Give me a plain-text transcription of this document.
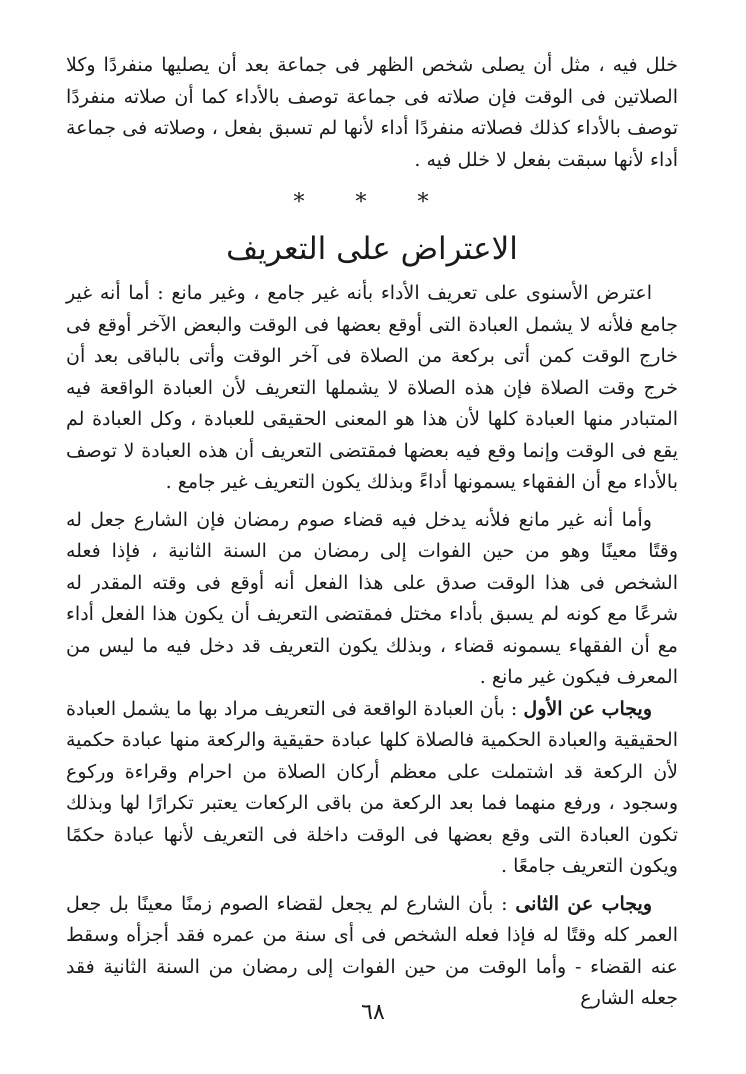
خلل فيه ، مثل أن يصلى شخص الظهر فى جماعة بعد أن يصليها منفردًا وكلا الصلاتين فى الوقت فإن صلاته فى جماعة توصف بالأداء كما أن صلاته منفردًا توصف بالأداء كذلك فصلاته منفردًا أداء لأنها لم تسبق بفعل ، وصلاته فى جماعة أداء لأنها سبقت بفعل لا خلل فيه .

* * *
الاعتراض على التعريف

اعترض الأسنوى على تعريف الأداء بأنه غير جامع ، وغير مانع : أما أنه غير جامع فلأنه لا يشمل العبادة التى أوقع بعضها فى الوقت والبعض الآخر أوقع فى خارج الوقت كمن أتى بركعة من الصلاة فى آخر الوقت وأتى بالباقى بعد أن خرج وقت الصلاة فإن هذه الصلاة لا يشملها التعريف لأن العبادة الواقعة فيه المتبادر منها العبادة كلها لأن هذا هو المعنى الحقيقى للعبادة ، وكل العبادة لم يقع فى الوقت وإنما وقع فيه بعضها فمقتضى التعريف أن هذه العبادة لا توصف بالأداء مع أن الفقهاء يسمونها أداءً وبذلك يكون التعريف غير جامع .

وأما أنه غير مانع فلأنه يدخل فيه قضاء صوم رمضان فإن الشارع جعل له وقتًا معينًا وهو من حين الفوات إلى رمضان من السنة الثانية ، فإذا فعله الشخص فى هذا الوقت صدق على هذا الفعل أنه أوقع فى وقته المقدر له شرعًا مع كونه لم يسبق بأداء مختل فمقتضى التعريف أن يكون هذا الفعل أداء مع أن الفقهاء يسمونه قضاء ، وبذلك يكون التعريف قد دخل فيه ما ليس من المعرف فيكون غير مانع .

ويجاب عن الأول : بأن العبادة الواقعة فى التعريف مراد بها ما يشمل العبادة الحقيقية والعبادة الحكمية فالصلاة كلها عبادة حقيقية والركعة منها عبادة حكمية لأن الركعة قد اشتملت على معظم أركان الصلاة من احرام وقراءة وركوع وسجود ، ورفع منهما فما بعد الركعة من باقى الركعات يعتبر تكرارًا لها وبذلك تكون العبادة التى وقع بعضها فى الوقت داخلة فى التعريف لأنها عبادة حكمًا ويكون التعريف جامعًا .

ويجاب عن الثانى : بأن الشارع لم يجعل لقضاء الصوم زمنًا معينًا بل جعل العمر كله وقتًا له فإذا فعله الشخص فى أى سنة من عمره فقد أجزأه وسقط عنه القضاء - وأما الوقت من حين الفوات إلى رمضان من السنة الثانية فقد جعله الشارع

٦٨
